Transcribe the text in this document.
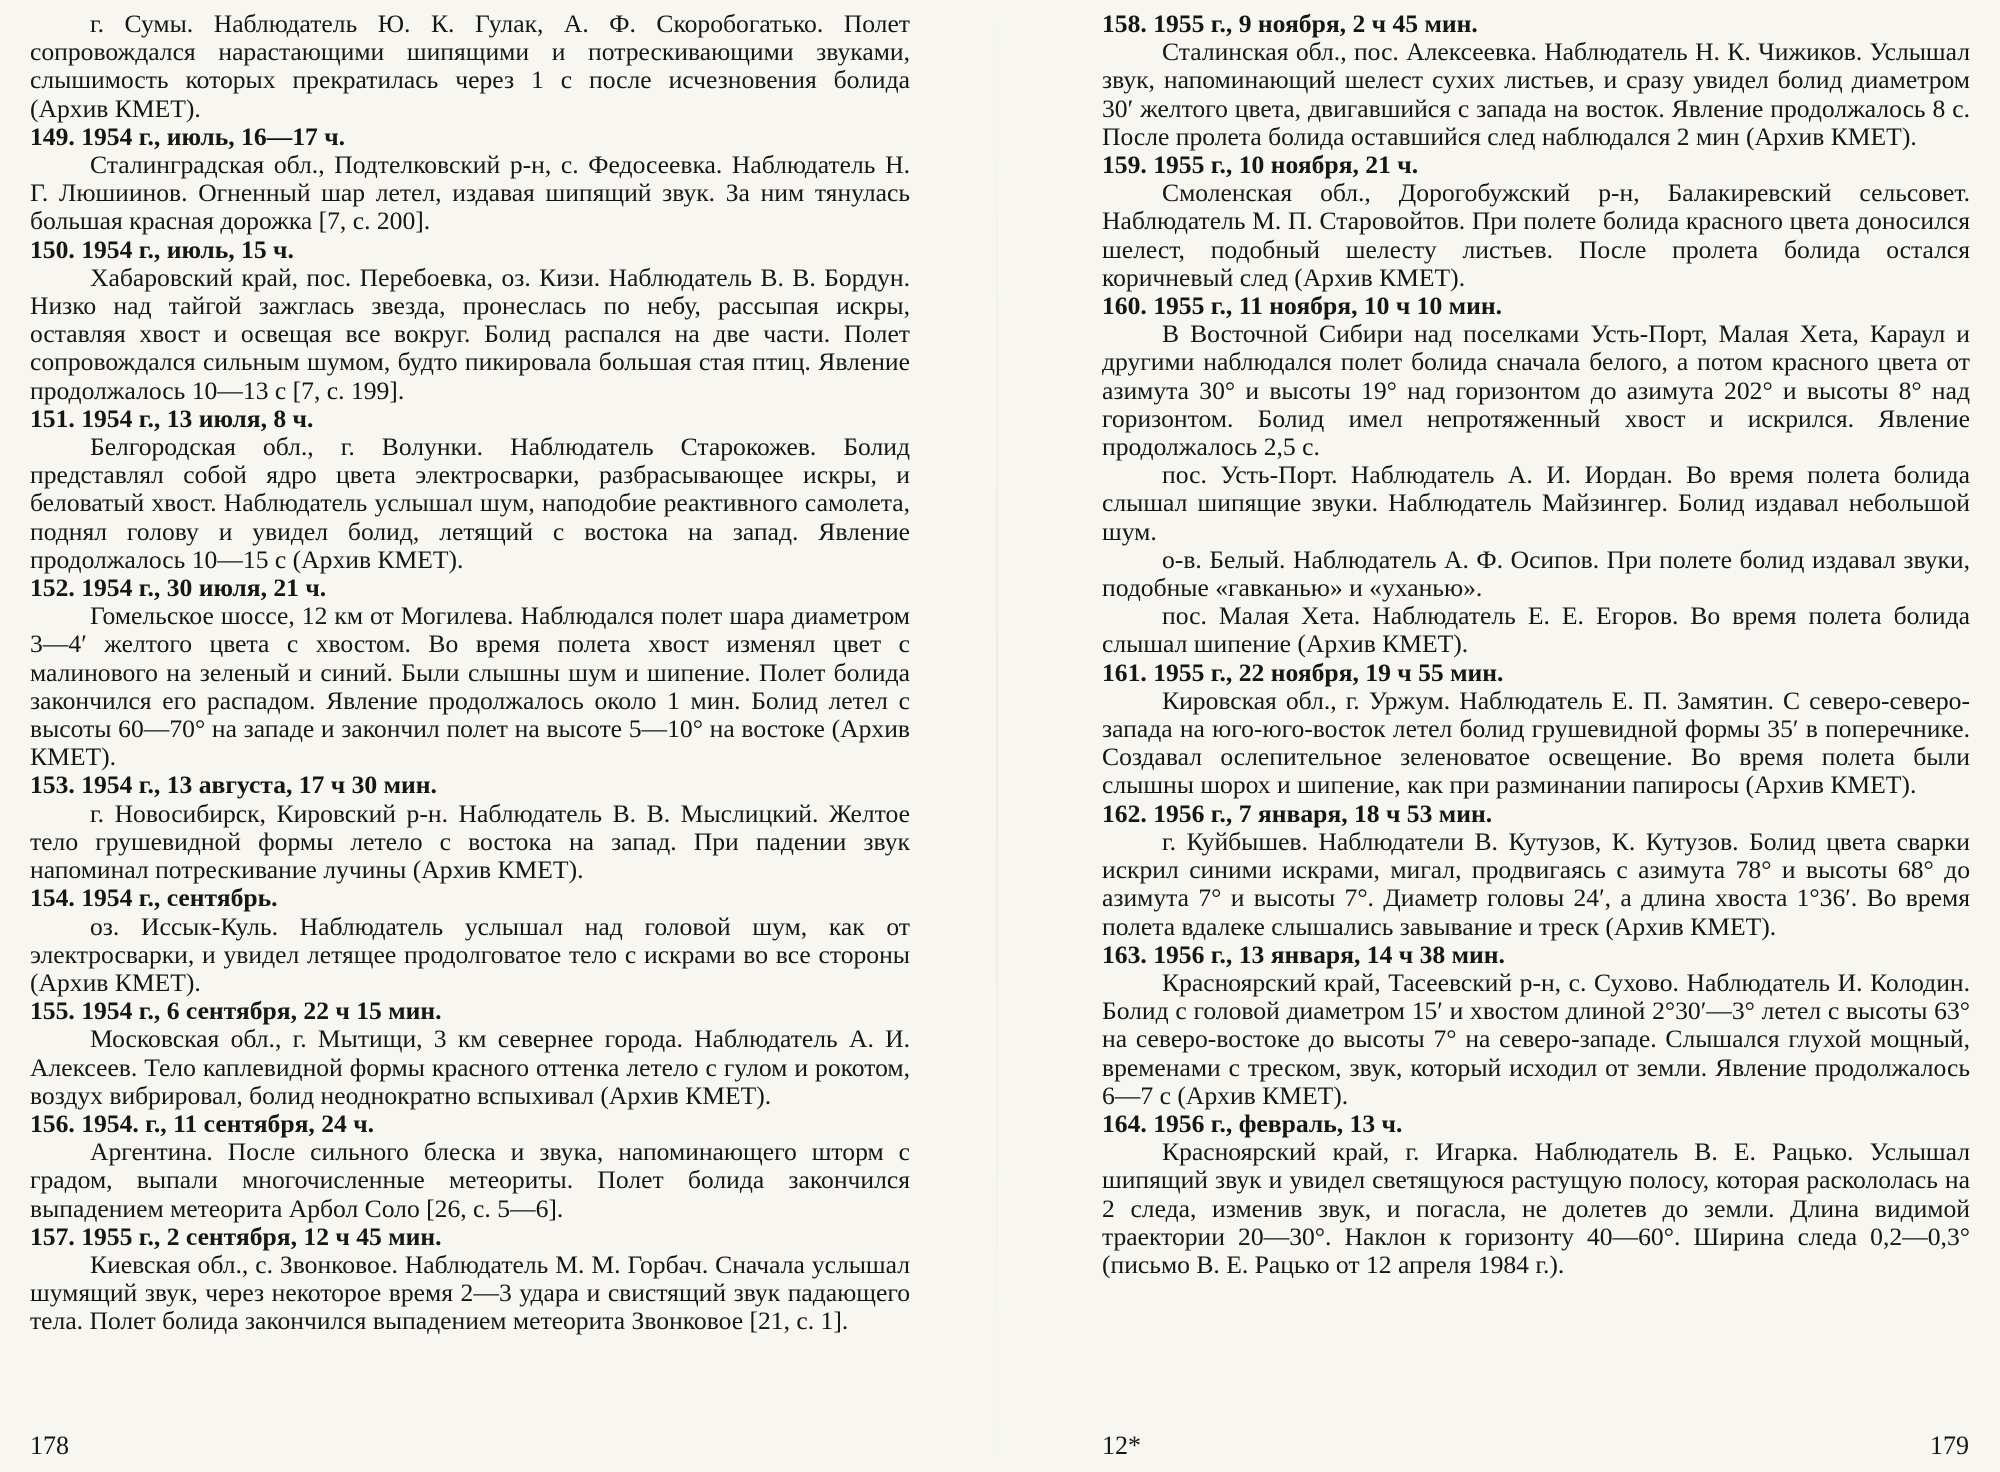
г. Сумы. Наблюдатель Ю. К. Гулак, А. Ф. Скоробогатько. Полет сопровождался нарастающими шипящими и потрескивающими звуками, слышимость которых прекратилась через 1 с после исчезновения болида (Архив КМЕТ).

149. 1954 г., июль, 16—17 ч.

Сталинградская обл., Подтелковский р-н, с. Федосеевка. Наблюдатель Н. Г. Люшиинов. Огненный шар летел, издавая шипящий звук. За ним тянулась большая красная дорожка [7, с. 200].

150. 1954 г., июль, 15 ч.

Хабаровский край, пос. Перебоевка, оз. Кизи. Наблюдатель В. В. Бордун. Низко над тайгой зажглась звезда, пронеслась по небу, рассыпая искры, оставляя хвост и освещая все вокруг. Болид распался на две части. Полет сопровождался сильным шумом, будто пикировала большая стая птиц. Явление продолжалось 10—13 с [7, с. 199].

151. 1954 г., 13 июля, 8 ч.

Белгородская обл., г. Волунки. Наблюдатель Старокожев. Болид представлял собой ядро цвета электросварки, разбрасывающее искры, и беловатый хвост. Наблюдатель услышал шум, наподобие реактивного самолета, поднял голову и увидел болид, летящий с востока на запад. Явление продолжалось 10—15 с (Архив КМЕТ).

152. 1954 г., 30 июля, 21 ч.

Гомельское шоссе, 12 км от Могилева. Наблюдался полет шара диаметром 3—4′ желтого цвета с хвостом. Во время полета хвост изменял цвет с малинового на зеленый и синий. Были слышны шум и шипение. Полет болида закончился его распадом. Явление продолжалось около 1 мин. Болид летел с высоты 60—70° на западе и закончил полет на высоте 5—10° на востоке (Архив КМЕТ).

153. 1954 г., 13 августа, 17 ч 30 мин.

г. Новосибирск, Кировский р-н. Наблюдатель В. В. Мыслицкий. Желтое тело грушевидной формы летело с востока на запад. При падении звук напоминал потрескивание лучины (Архив КМЕТ).

154. 1954 г., сентябрь.

оз. Иссык-Куль. Наблюдатель услышал над головой шум, как от электросварки, и увидел летящее продолговатое тело с искрами во все стороны (Архив КМЕТ).

155. 1954 г., 6 сентября, 22 ч 15 мин.

Московская обл., г. Мытищи, 3 км севернее города. Наблюдатель А. И. Алексеев. Тело каплевидной формы красного оттенка летело с гулом и рокотом, воздух вибрировал, болид неоднократно вспыхивал (Архив КМЕТ).

156. 1954. г., 11 сентября, 24 ч.

Аргентина. После сильного блеска и звука, напоминающего шторм с градом, выпали многочисленные метеориты. Полет болида закончился выпадением метеорита Арбол Соло [26, с. 5—6].

157. 1955 г., 2 сентября, 12 ч 45 мин.

Киевская обл., с. Звонковое. Наблюдатель М. М. Горбач. Сначала услышал шумящий звук, через некоторое время 2—3 удара и свистящий звук падающего тела. Полет болида закончился выпадением метеорита Звонковое [21, с. 1].

158. 1955 г., 9 ноября, 2 ч 45 мин.

Сталинская обл., пос. Алексеевка. Наблюдатель Н. К. Чижиков. Услышал звук, напоминающий шелест сухих листьев, и сразу увидел болид диаметром 30′ желтого цвета, двигавшийся с запада на восток. Явление продолжалось 8 с. После пролета болида оставшийся след наблюдался 2 мин (Архив КМЕТ).

159. 1955 г., 10 ноября, 21 ч.

Смоленская обл., Дорогобужский р-н, Балакиревский сельсовет. Наблюдатель М. П. Старовойтов. При полете болида красного цвета доносился шелест, подобный шелесту листьев. После пролета болида остался коричневый след (Архив КМЕТ).

160. 1955 г., 11 ноября, 10 ч 10 мин.

В Восточной Сибири над поселками Усть-Порт, Малая Хета, Караул и другими наблюдался полет болида сначала белого, а потом красного цвета от азимута 30° и высоты 19° над горизонтом до азимута 202° и высоты 8° над горизонтом. Болид имел непротяженный хвост и искрился. Явление продолжалось 2,5 с.

пос. Усть-Порт. Наблюдатель А. И. Иордан. Во время полета болида слышал шипящие звуки. Наблюдатель Майзингер. Болид издавал небольшой шум.

о-в. Белый. Наблюдатель А. Ф. Осипов. При полете болид издавал звуки, подобные «гавканью» и «уханью».

пос. Малая Хета. Наблюдатель Е. Е. Егоров. Во время полета болида слышал шипение (Архив КМЕТ).

161. 1955 г., 22 ноября, 19 ч 55 мин.

Кировская обл., г. Уржум. Наблюдатель Е. П. Замятин. С северо-северо-запада на юго-юго-восток летел болид грушевидной формы 35′ в поперечнике. Создавал ослепительное зеленоватое освещение. Во время полета были слышны шорох и шипение, как при разминании папиросы (Архив КМЕТ).

162. 1956 г., 7 января, 18 ч 53 мин.

г. Куйбышев. Наблюдатели В. Кутузов, К. Кутузов. Болид цвета сварки искрил синими искрами, мигал, продвигаясь с азимута 78° и высоты 68° до азимута 7° и высоты 7°. Диаметр головы 24′, а длина хвоста 1°36′. Во время полета вдалеке слышались завывание и треск (Архив КМЕТ).

163. 1956 г., 13 января, 14 ч 38 мин.

Красноярский край, Тасеевский р-н, с. Сухово. Наблюдатель И. Колодин. Болид с головой диаметром 15′ и хвостом длиной 2°30′—3° летел с высоты 63° на северо-востоке до высоты 7° на северо-западе. Слышался глухой мощный, временами с треском, звук, который исходил от земли. Явление продолжалось 6—7 с (Архив КМЕТ).

164. 1956 г., февраль, 13 ч.

Красноярский край, г. Игарка. Наблюдатель В. Е. Рацько. Услышал шипящий звук и увидел светящуюся растущую полосу, которая раскололась на 2 следа, изменив звук, и погасла, не долетев до земли. Длина видимой траектории 20—30°. Наклон к горизонту 40—60°. Ширина следа 0,2—0,3° (письмо В. Е. Рацько от 12 апреля 1984 г.).

178	12*	179
